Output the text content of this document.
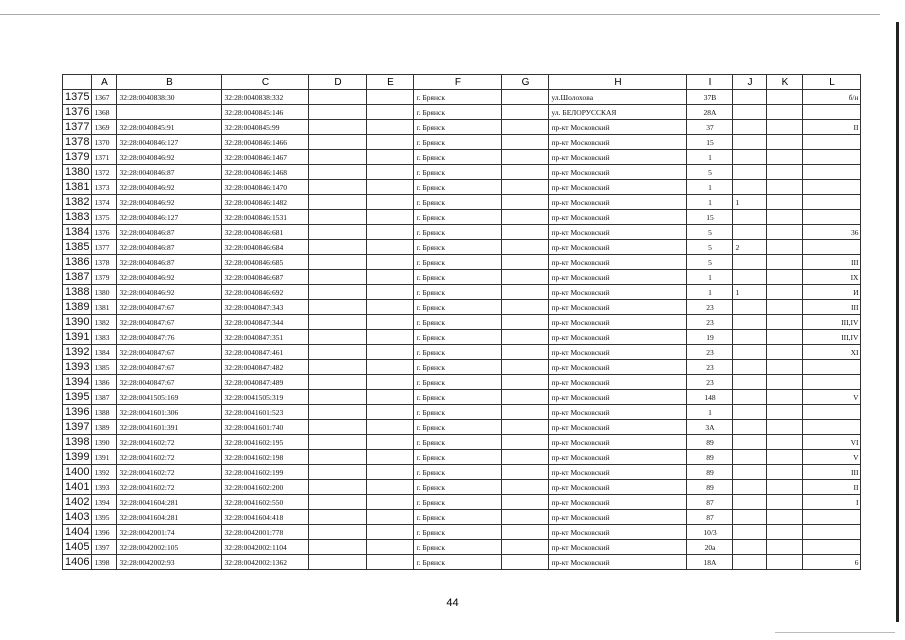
	A	B	C	D	E	F	G	H	I	J	K	L
1375	1367	32:28:0040838:30	32:28:0040838:332			г. Брянск		ул.Шолохова	37В			б/н
1376	1368		32:28:0040845:146			г. Брянск		ул. БЕЛОРУССКАЯ	28А			
1377	1369	32:28:0040845:91	32:28:0040845:99			г. Брянск		пр-кт Московский	37			II
1378	1370	32:28:0040846:127	32:28:0040846:1466			г. Брянск		пр-кт Московский	15			
1379	1371	32:28:0040846:92	32:28:0040846:1467			г. Брянск		пр-кт Московский	1			
1380	1372	32:28:0040846:87	32:28:0040846:1468			г. Брянск		пр-кт Московский	5			
1381	1373	32:28:0040846:92	32:28:0040846:1470			г. Брянск		пр-кт Московский	1			
1382	1374	32:28:0040846:92	32:28:0040846:1482			г. Брянск		пр-кт Московский	1	1		
1383	1375	32:28:0040846:127	32:28:0040846:1531			г. Брянск		пр-кт Московский	15			
1384	1376	32:28:0040846:87	32:28:0040846:681			г. Брянск		пр-кт Московский	5			36
1385	1377	32:28:0040846:87	32:28:0040846:684			г. Брянск		пр-кт Московский	5	2		
1386	1378	32:28:0040846:87	32:28:0040846:685			г. Брянск		пр-кт Московский	5			III
1387	1379	32:28:0040846:92	32:28:0040846:687			г. Брянск		пр-кт Московский	1			IX
1388	1380	32:28:0040846:92	32:28:0040846:692			г. Брянск		пр-кт Московский	1	1		И
1389	1381	32:28:0040847:67	32:28:0040847:343			г. Брянск		пр-кт Московский	23			III
1390	1382	32:28:0040847:67	32:28:0040847:344			г. Брянск		пр-кт Московский	23			III,IV
1391	1383	32:28:0040847:76	32:28:0040847:351			г. Брянск		пр-кт Московский	19			III,IV
1392	1384	32:28:0040847:67	32:28:0040847:461			г. Брянск		пр-кт Московский	23			XI
1393	1385	32:28:0040847:67	32:28:0040847:482			г. Брянск		пр-кт Московский	23			
1394	1386	32:28:0040847:67	32:28:0040847:489			г. Брянск		пр-кт Московский	23			
1395	1387	32:28:0041505:169	32:28:0041505:319			г. Брянск		пр-кт Московский	148			V
1396	1388	32:28:0041601:306	32:28:0041601:523			г. Брянск		пр-кт Московский	1			
1397	1389	32:28:0041601:391	32:28:0041601:740			г. Брянск		пр-кт Московский	3А			
1398	1390	32:28:0041602:72	32:28:0041602:195			г. Брянск		пр-кт Московский	89			VI
1399	1391	32:28:0041602:72	32:28:0041602:198			г. Брянск		пр-кт Московский	89			V
1400	1392	32:28:0041602:72	32:28:0041602:199			г. Брянск		пр-кт Московский	89			III
1401	1393	32:28:0041602:72	32:28:0041602:200			г. Брянск		пр-кт Московский	89			II
1402	1394	32:28:0041604:281	32:28:0041602:550			г. Брянск		пр-кт Московский	87			I
1403	1395	32:28:0041604:281	32:28:0041604:418			г. Брянск		пр-кт Московский	87			
1404	1396	32:28:0042001:74	32:28:0042001:778			г. Брянск		пр-кт Московский	10/3			
1405	1397	32:28:0042002:105	32:28:0042002:1104			г. Брянск		пр-кт Московский	20а			
1406	1398	32:28:0042002:93	32:28:0042002:1362			г. Брянск		пр-кт Московский	18А			6
44
